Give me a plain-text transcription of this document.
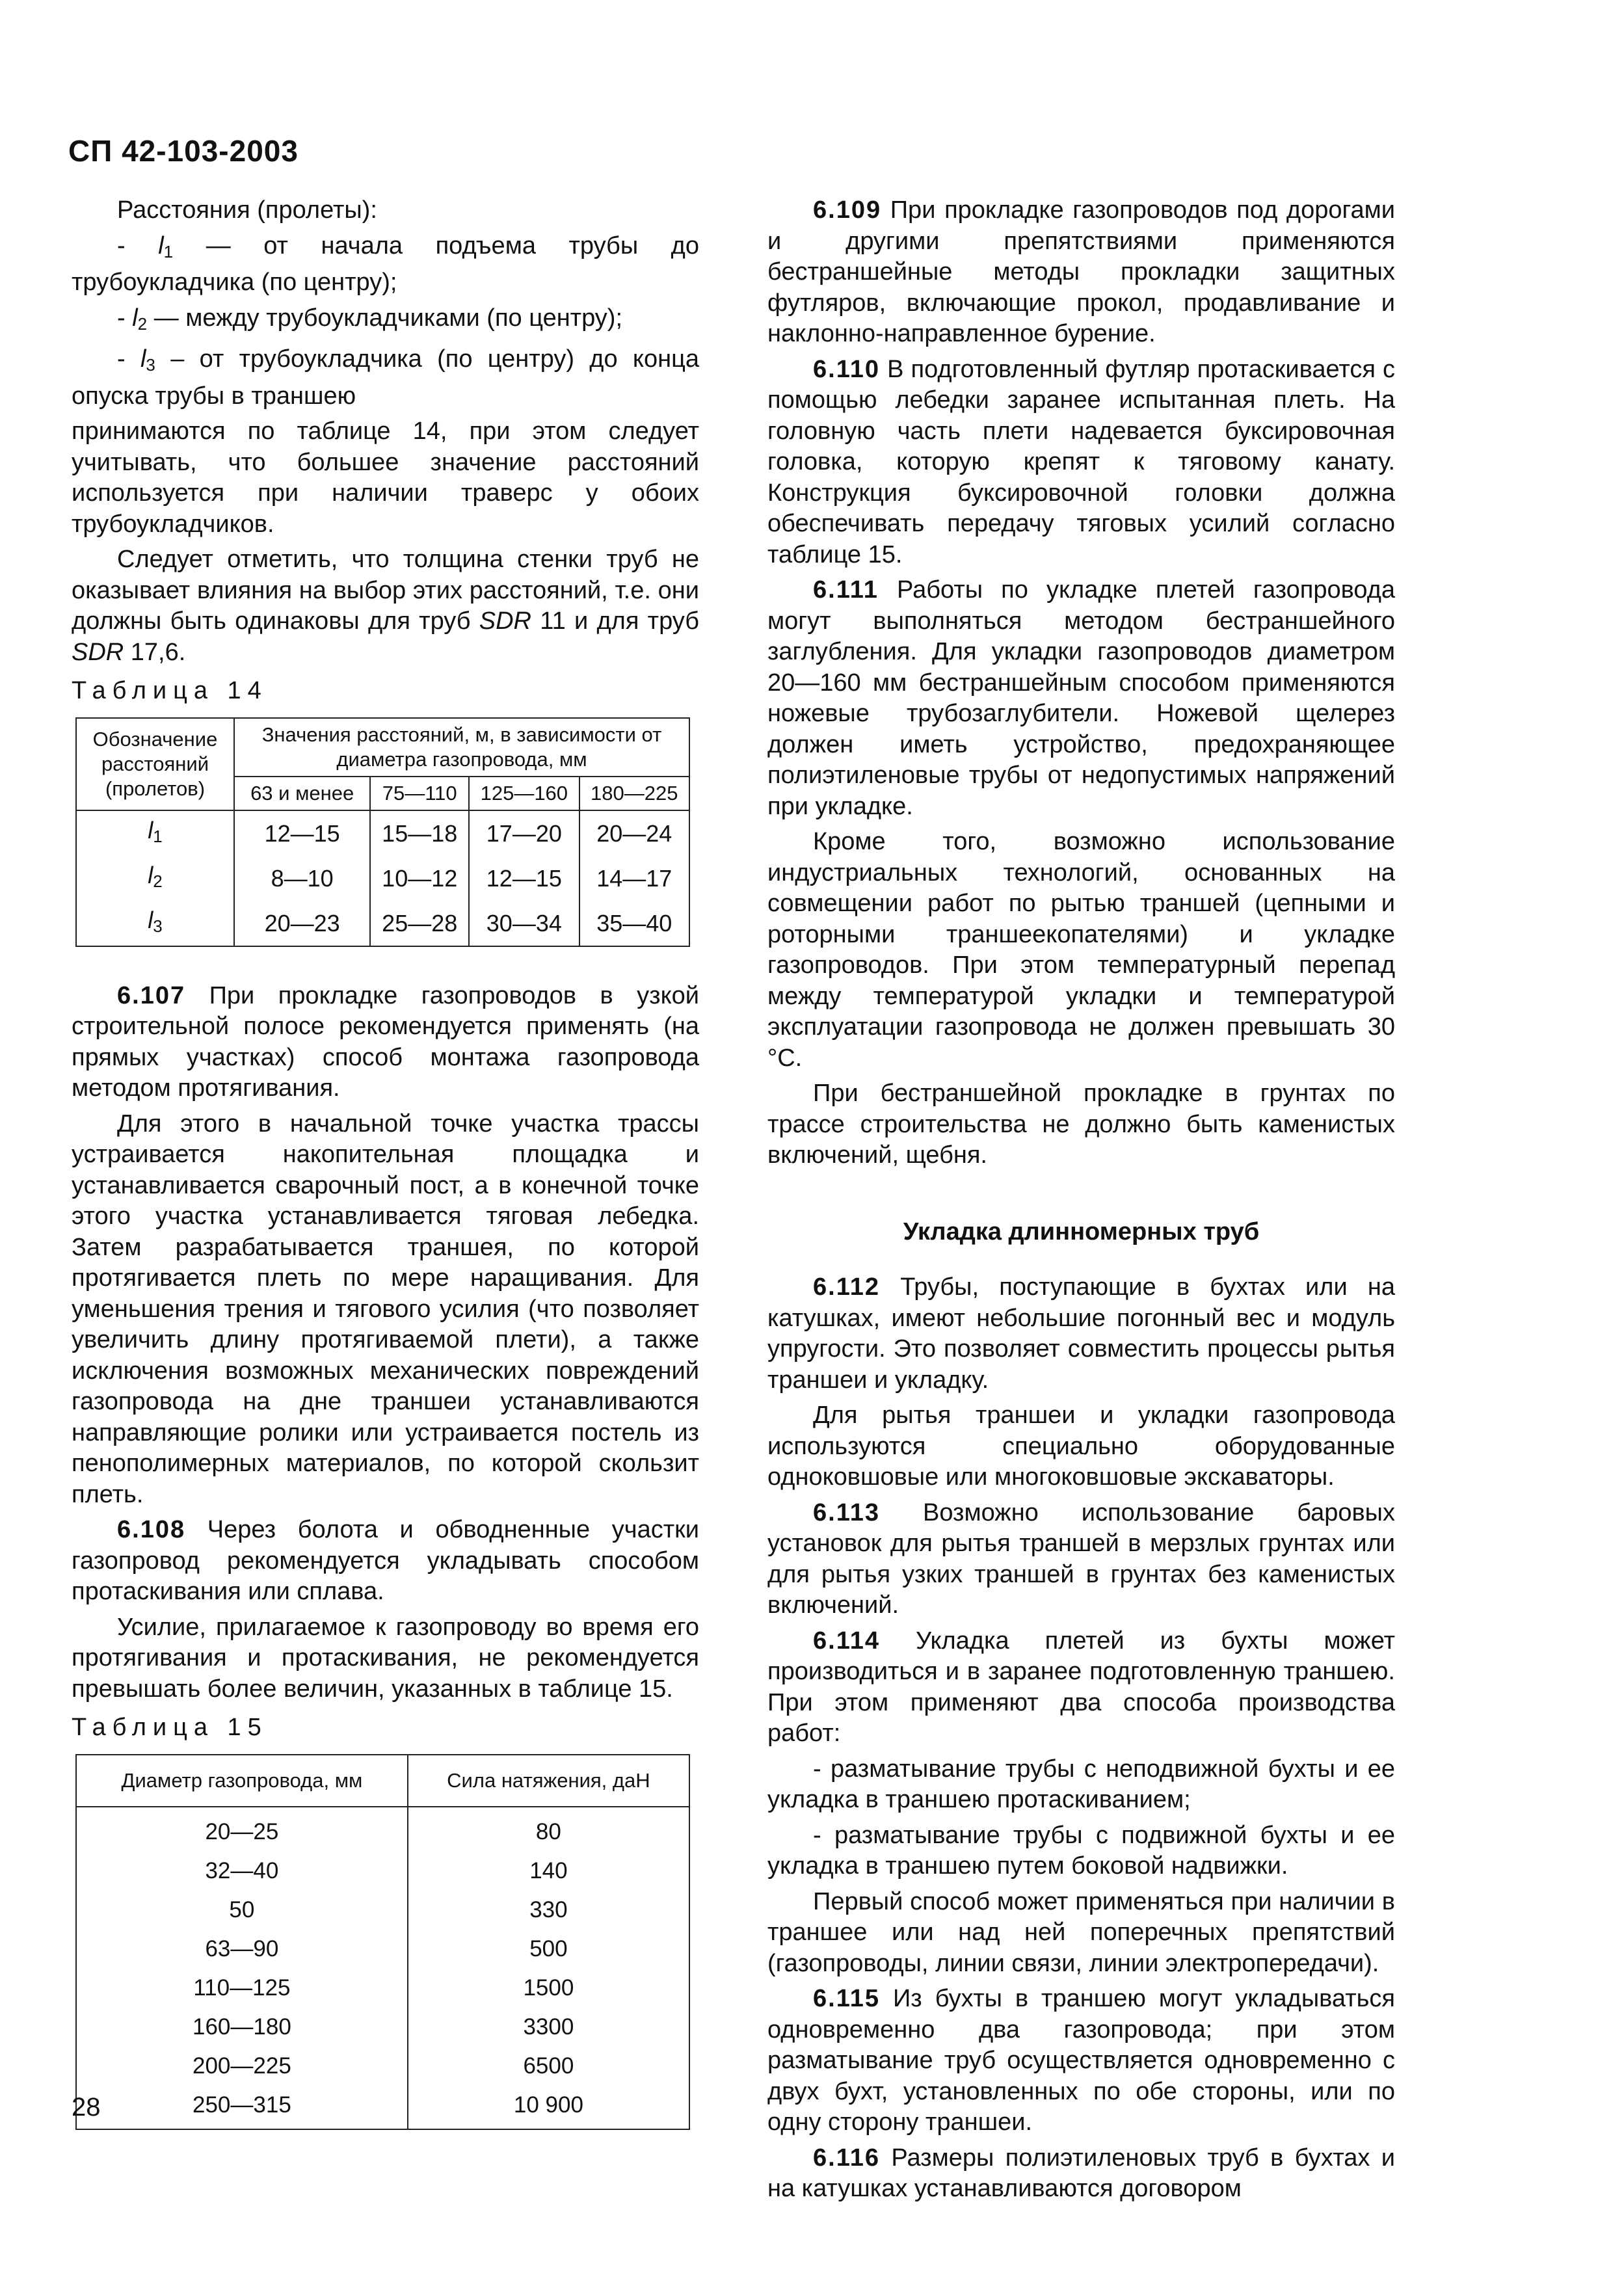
СП 42-103-2003

Расстояния (пролеты):

- $l_1$ — от начала подъема трубы до трубоукладчика (по центру);

- $l_2$ — между трубоукладчиками (по центру);

- $l_3$ – от трубоукладчика (по центру) до конца опуска трубы в траншею

принимаются по таблице 14, при этом следует учитывать, что большее значение расстояний используется при наличии траверс у обоих трубоукладчиков.

Следует отметить, что толщина стенки труб не оказывает влияния на выбор этих расстояний, т.е. они должны быть одинаковы для труб SDR 11 и для труб SDR 17,6.

Таблица 14
Обозначение расстояний (пролетов)	Значения расстояний, м, в зависимости от диаметра газопровода, мм			
	63 и менее	75—110	125—160	180—225
$l_1$	12—15	15—18	17—20	20—24
$l_2$	8—10	10—12	12—15	14—17
$l_3$	20—23	25—28	30—34	35—40

6.107 При прокладке газопроводов в узкой строительной полосе рекомендуется применять (на прямых участках) способ монтажа газопровода методом протягивания.

Для этого в начальной точке участка трассы устраивается накопительная площадка и устанавливается сварочный пост, а в конечной точке этого участка устанавливается тяговая лебедка. Затем разрабатывается траншея, по которой протягивается плеть по мере наращивания. Для уменьшения трения и тягового усилия (что позволяет увеличить длину протягиваемой плети), а также исключения возможных механических повреждений газопровода на дне траншеи устанавливаются направляющие ролики или устраивается постель из пенополимерных материалов, по которой скользит плеть.

6.108 Через болота и обводненные участки газопровод рекомендуется укладывать способом протаскивания или сплава.

Усилие, прилагаемое к газопроводу во время его протягивания и протаскивания, не рекомендуется превышать более величин, указанных в таблице 15.

Таблица 15
Диаметр газопровода, мм	Сила натяжения, даН
20—25	80
32—40	140
50	330
63—90	500
110—125	1500
160—180	3300
200—225	6500
250—315	10 900

6.109 При прокладке газопроводов под дорогами и другими препятствиями применяются бестраншейные методы прокладки защитных футляров, включающие прокол, продавливание и наклонно-направленное бурение.

6.110 В подготовленный футляр протаскивается с помощью лебедки заранее испытанная плеть. На головную часть плети надевается буксировочная головка, которую крепят к тяговому канату. Конструкция буксировочной головки должна обеспечивать передачу тяговых усилий согласно таблице 15.

6.111 Работы по укладке плетей газопровода могут выполняться методом бестраншейного заглубления. Для укладки газопроводов диаметром 20—160 мм бестраншейным способом применяются ножевые трубозаглубители. Ножевой щелерез должен иметь устройство, предохраняющее полиэтиленовые трубы от недопустимых напряжений при укладке.

Кроме того, возможно использование индустриальных технологий, основанных на совмещении работ по рытью траншей (цепными и роторными траншеекопателями) и укладке газопроводов. При этом температурный перепад между температурой укладки и температурой эксплуатации газопровода не должен превышать 30 °С.

При бестраншейной прокладке в грунтах по трассе строительства не должно быть каменистых включений, щебня.

Укладка длинномерных труб

6.112 Трубы, поступающие в бухтах или на катушках, имеют небольшие погонный вес и модуль упругости. Это позволяет совместить процессы рытья траншеи и укладку.

Для рытья траншеи и укладки газопровода используются специально оборудованные одноковшовые или многоковшовые экскаваторы.

6.113 Возможно использование баровых установок для рытья траншей в мерзлых грунтах или для рытья узких траншей в грунтах без каменистых включений.

6.114 Укладка плетей из бухты может производиться и в заранее подготовленную траншею. При этом применяют два способа производства работ:

- разматывание трубы с неподвижной бухты и ее укладка в траншею протаскиванием;

- разматывание трубы с подвижной бухты и ее укладка в траншею путем боковой надвижки.

Первый способ может применяться при наличии в траншее или над ней поперечных препятствий (газопроводы, линии связи, линии электропередачи).

6.115 Из бухты в траншею могут укладываться одновременно два газопровода; при этом разматывание труб осуществляется одновременно с двух бухт, установленных по обе стороны, или по одну сторону траншеи.

6.116 Размеры полиэтиленовых труб в бухтах и на катушках устанавливаются договором

28
